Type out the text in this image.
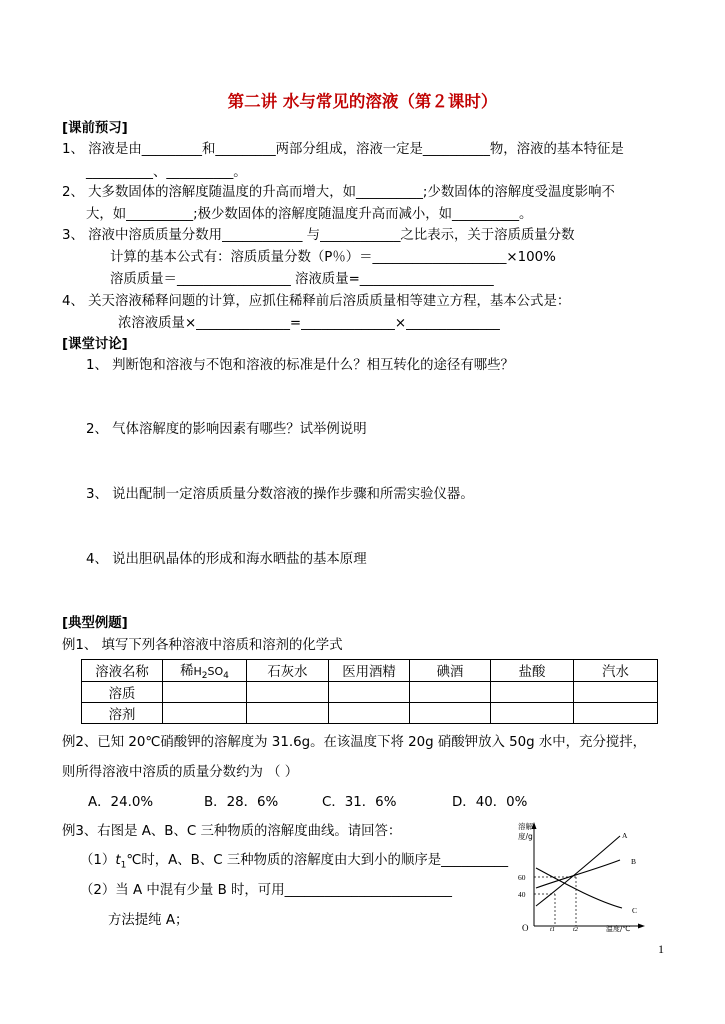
第二讲 水与常见的溶液（第２课时）
[课前预习]
1、 溶液是由_________和_________两部分组成，溶液一定是__________物，溶液的基本特征是
__________、__________。
2、 大多数固体的溶解度随温度的升高而增大，如__________;少数固体的溶解度受温度影响不
大，如__________;极少数固体的溶解度随温度升高而减小，如__________。
3、 溶液中溶质质量分数用____________ 与____________之比表示，关于溶质质量分数
计算的基本公式有：溶质质量分数（P％）＝____________________×100%
溶质质量＝_________________ 溶液质量=____________________
4、 关天溶液稀释问题的计算，应抓住稀释前后溶质质量相等建立方程，基本公式是：
浓溶液质量×______________=______________×______________
[课堂讨论]
1、 判断饱和溶液与不饱和溶液的标准是什么？相互转化的途径有哪些？
2、 气体溶解度的影响因素有哪些？试举例说明
3、 说出配制一定溶质质量分数溶液的操作步骤和所需实验仪器。
4、 说出胆矾晶体的形成和海水晒盐的基本原理
[典型例题]
例1、 填写下列各种溶液中溶质和溶剂的化学式
溶液名称	稀$H_2SO_4$	石灰水	医用酒精	碘酒	盐酸	汽水
溶质						
溶剂						
例2、已知 20℃硝酸钾的溶解度为 31.6g。在该温度下将 20g 硝酸钾放入 50g 水中，充分搅拌，
则所得溶液中溶质的质量分数约为 （ ）
A．24.0%	B．28．6%	C．31．6%	D．40．0%
例3、右图是 A、B、C 三种物质的溶解度曲线。请回答：
$(1)t_1℃$时，A、B、C 三种物质的溶解度由大到小的顺序是__________
（2）当 A 中混有少量 B 时，可用_________________________
方法提纯 A；
溶解
度/g
O
60
40
t1	t2	温度/℃
A
B
C
1
